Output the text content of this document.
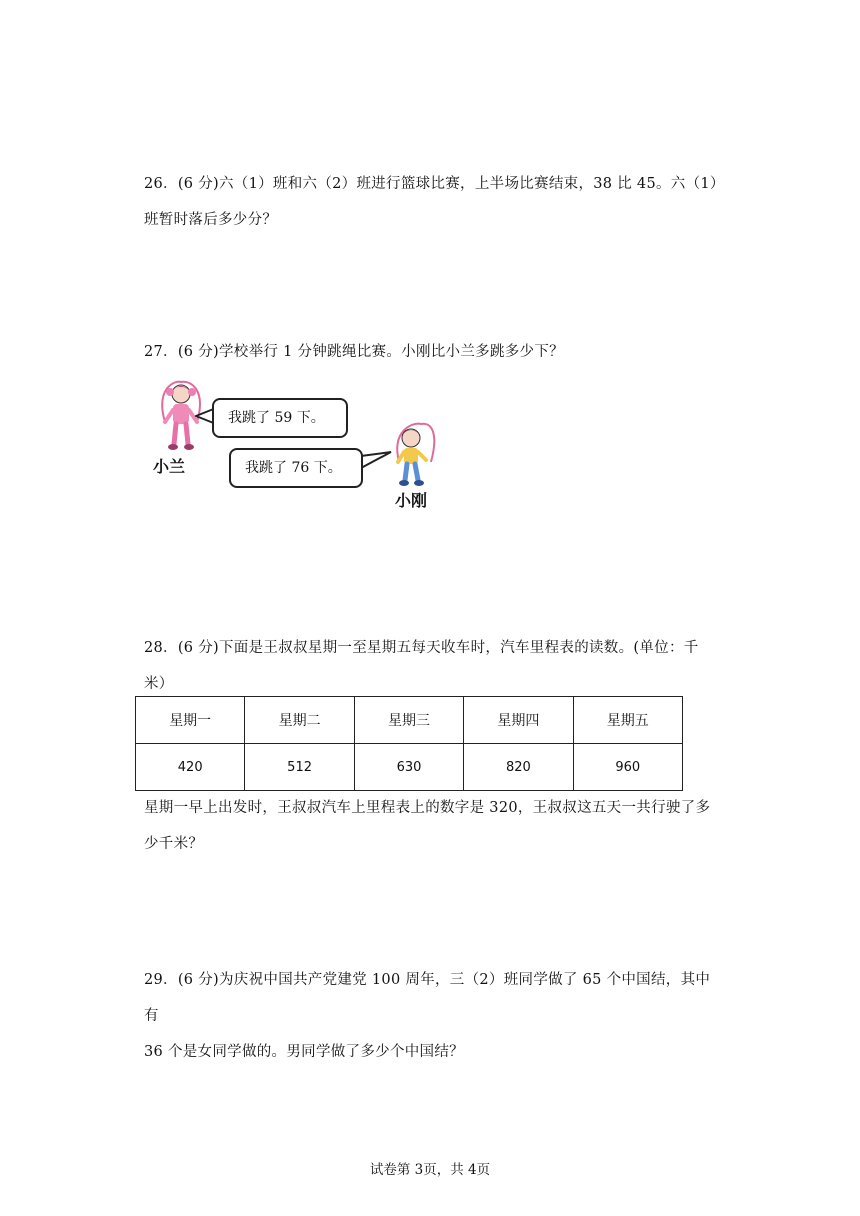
26．(6 分)六（1）班和六（2）班进行篮球比赛，上半场比赛结束，38 比 45。六（1）

班暂时落后多少分？

27．(6 分)学校举行 1 分钟跳绳比赛。小刚比小兰多跳多少下？

小兰
我跳了 59 下。
我跳了 76 下。
小刚

28．(6 分)下面是王叔叔星期一至星期五每天收车时，汽车里程表的读数。(单位：千

米）

星期一	星期二	星期三	星期四	星期五
420	512	630	820	960
星期一早上出发时，王叔叔汽车上里程表上的数字是 320，王叔叔这五天一共行驶了多
少千米？

29．(6 分)为庆祝中国共产党建党 100 周年，三（2）班同学做了 65 个中国结，其中有

36 个是女同学做的。男同学做了多少个中国结？

试卷第 3页，共 4页
